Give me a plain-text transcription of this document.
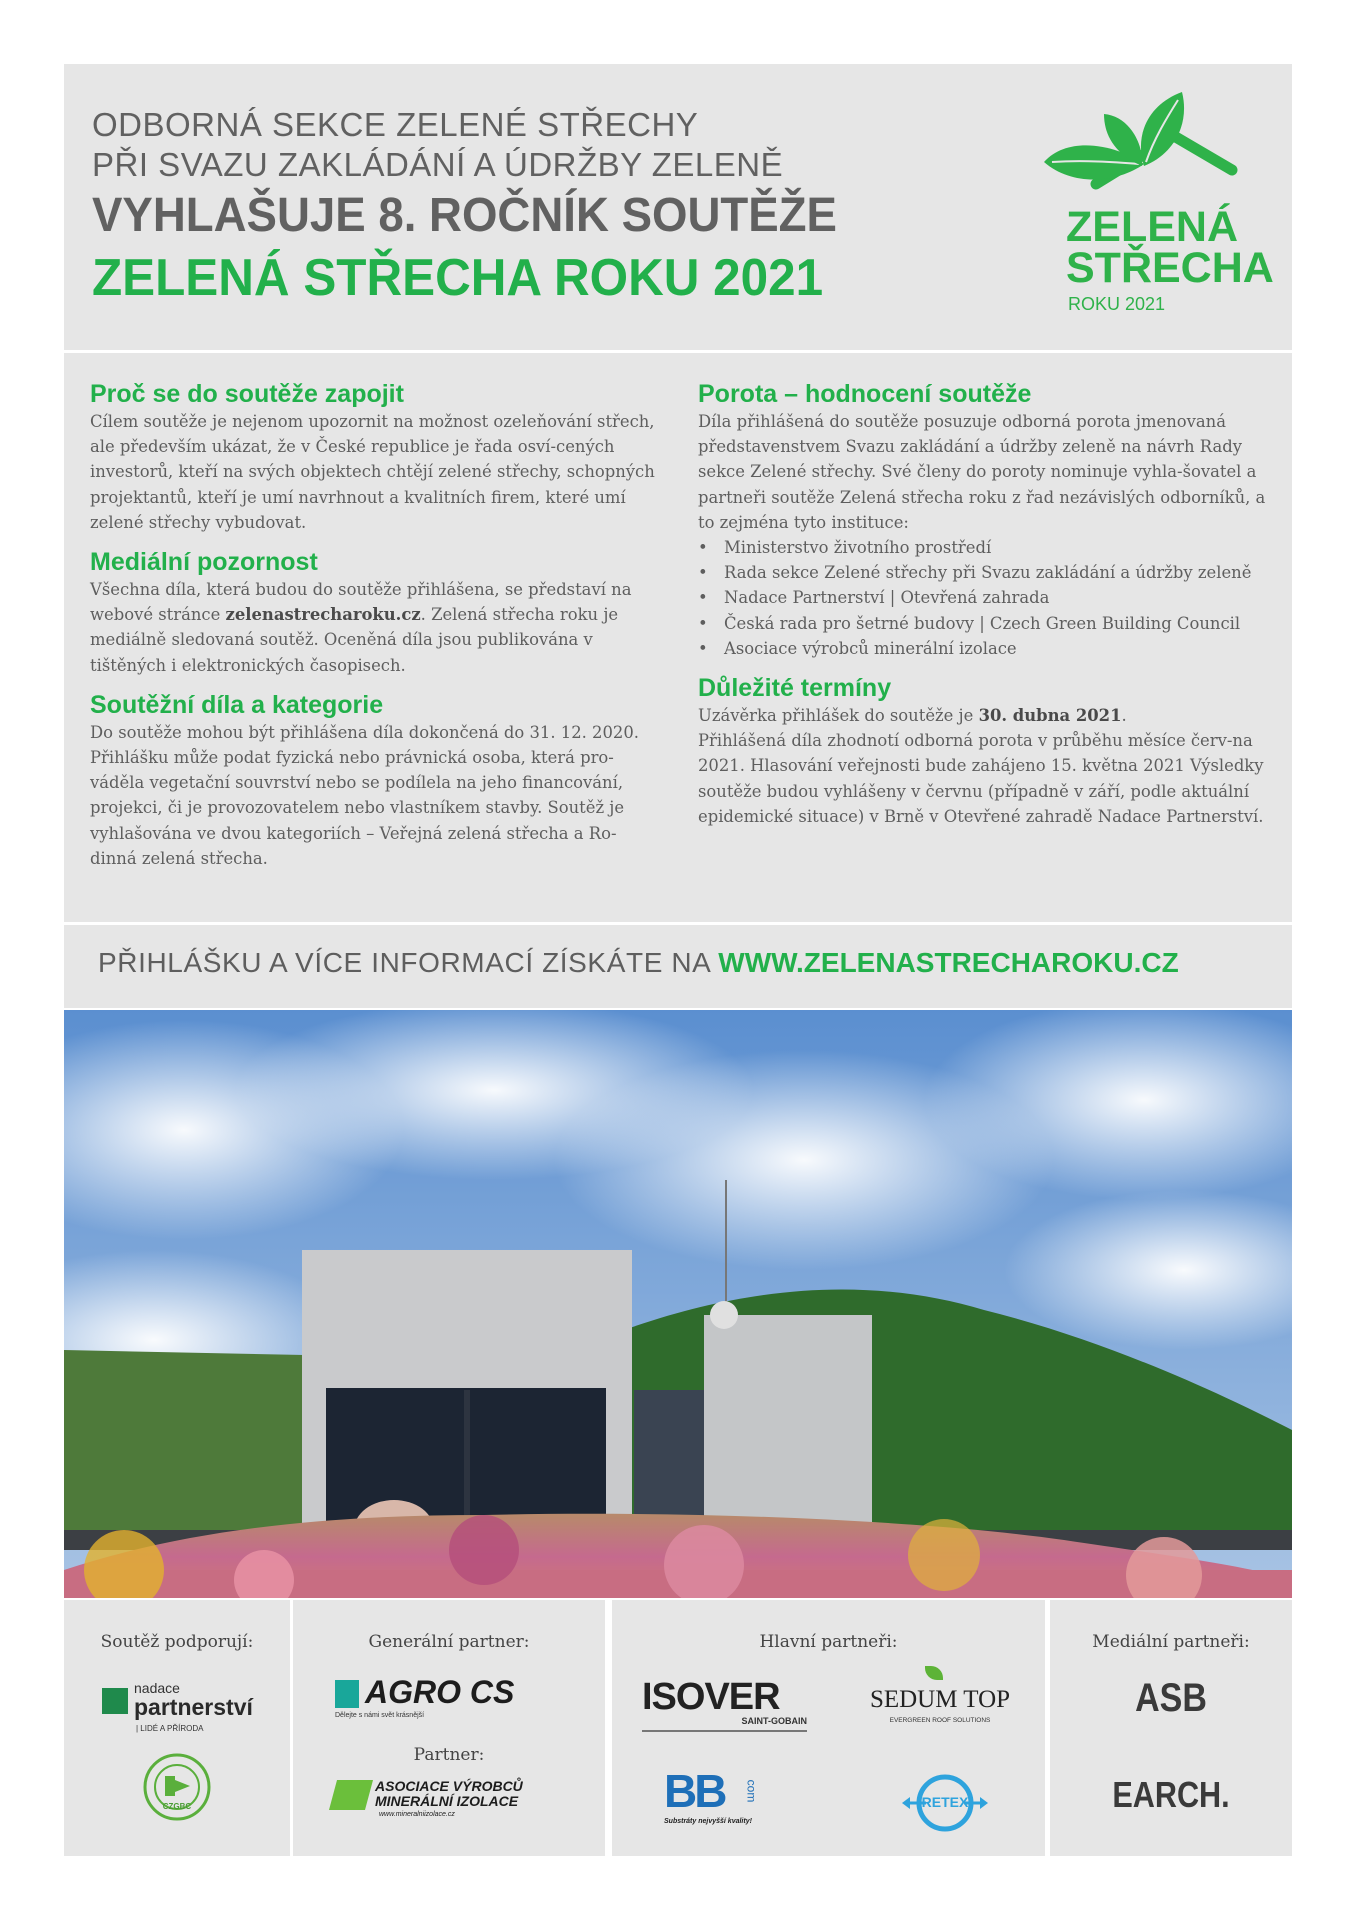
ODBORNÁ SEKCE ZELENÉ STŘECHY
PŘI SVAZU ZAKLÁDÁNÍ A ÚDRŽBY ZELENĚ
VYHLAŠUJE 8. ROČNÍK SOUTĚŽE
ZELENÁ STŘECHA ROKU 2021
ZELENÁ
STŘECHA
ROKU 2021
Proč se do soutěže zapojit

Cílem soutěže je nejenom upozornit na možnost ozeleňování střech, ale především ukázat, že v České republice je řada osví-cených investorů, kteří na svých objektech chtějí zelené střechy, schopných projektantů, kteří je umí navrhnout a kvalitních firem, které umí zelené střechy vybudovat.

Mediální pozornost

Všechna díla, která budou do soutěže přihlášena, se představí na webové stránce zelenastrecharoku.cz. Zelená střecha roku je mediálně sledovaná soutěž. Oceněná díla jsou publikována v tištěných i elektronických časopisech.

Soutěžní díla a kategorie

Do soutěže mohou být přihlášena díla dokončená do 31. 12. 2020. Přihlášku může podat fyzická nebo právnická osoba, která pro-váděla vegetační souvrství nebo se podílela na jeho financování, projekci, či je provozovatelem nebo vlastníkem stavby. Soutěž je vyhlašována ve dvou kategoriích – Veřejná zelená střecha a Ro-dinná zelená střecha.

Porota – hodnocení soutěže

Díla přihlášená do soutěže posuzuje odborná porota jmenovaná představenstvem Svazu zakládání a údržby zeleně na návrh Rady sekce Zelené střechy. Své členy do poroty nominuje vyhla-šovatel a partneři soutěže Zelená střecha roku z řad nezávislých odborníků, a to zejména tyto instituce:

• Ministerstvo životního prostředí
• Rada sekce Zelené střechy při Svazu zakládání a údržby zeleně
• Nadace Partnerství | Otevřená zahrada
• Česká rada pro šetrné budovy | Czech Green Building Council
• Asociace výrobců minerální izolace
Důležité termíny

Uzávěrka přihlášek do soutěže je 30. dubna 2021.

Přihlášená díla zhodnotí odborná porota v průběhu měsíce červ-na 2021. Hlasování veřejnosti bude zahájeno 15. května 2021 Výsledky soutěže budou vyhlášeny v červnu (případně v září, podle aktuální epidemické situace) v Brně v Otevřené zahradě Nadace Partnerství.

PŘIHLÁŠKU A VÍCE INFORMACÍ ZÍSKÁTE NA WWW.ZELENASTRECHAROKU.CZ
Soutěž podporují:
nadace
partnerství
| LIDÉ A PŘÍRODA
CZGBC
Generální partner:
AGRO CS
Dělejte s námi svět krásnější
Partner:
ASOCIACE VÝROBCŮ
MINERÁLNÍ IZOLACE
www.mineralniizolace.cz
Hlavní partneři:
ISOVER
SAINT-GOBAIN
SEDUM TOP
EVERGREEN ROOF SOLUTIONS
BB com
Substráty nejvyšší kvality!
RETEX
Mediální partneři:
ASB
EARCH.
